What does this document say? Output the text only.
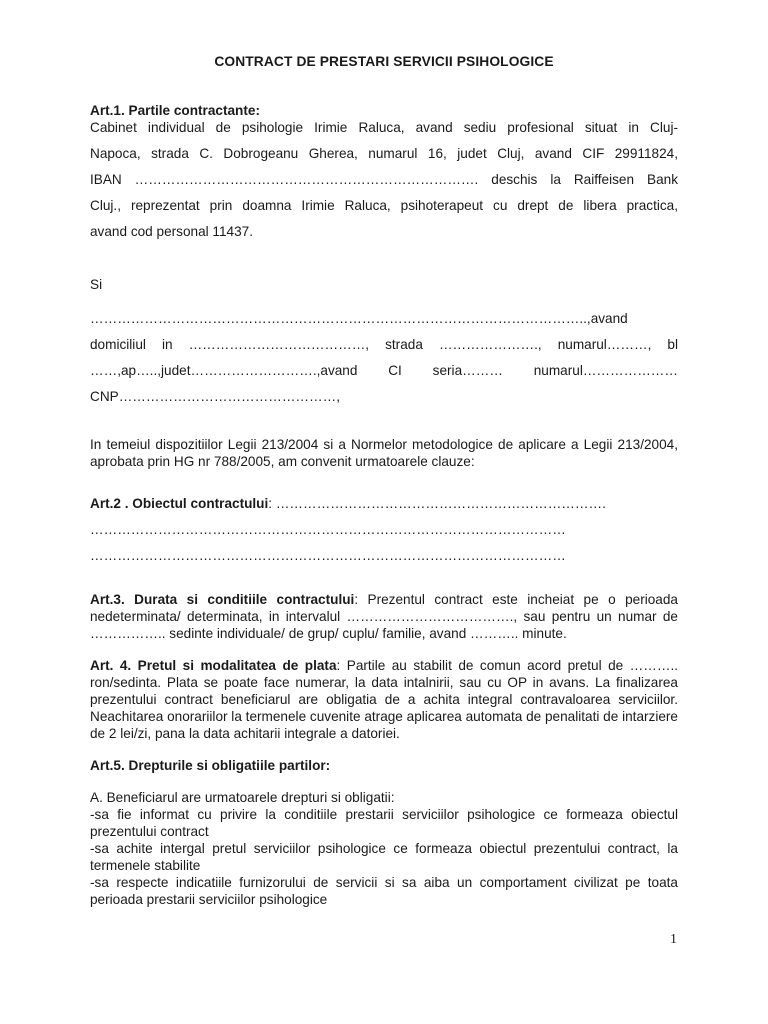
CONTRACT DE PRESTARI SERVICII PSIHOLOGICE

Art.1. Partile contractante:

Cabinet individual de psihologie Irimie Raluca, avand sediu profesional situat in Cluj-

Napoca, strada C. Dobrogeanu Gherea, numarul 16, judet Cluj, avand CIF 29911824,

IBAN …………………………………………………………………. deschis la Raiffeisen Bank

Cluj., reprezentat prin doamna Irimie Raluca, psihoterapeut cu drept de libera practica,

avand cod personal 11437.

Si

………………………………………………………………………………………………..,avand

domiciliul in …………………………………, strada …………………., numarul………, bl

……,ap…..,judet……………………….,avand CI seria……… numarul…………………

CNP…………………………………………,

In temeiul dispozitiilor Legii 213/2004 si a Normelor metodologice de aplicare a Legii 213/2004, aprobata prin HG nr 788/2005, am convenit urmatoarele clauze:

Art.2 . Obiectul contractului: ……………………………………………………………….

……………………………………………………………………………………………

……………………………………………………………………………………………

Art.3. Durata si conditiile contractului: Prezentul contract este incheiat pe o perioada nedeterminata/ determinata, in intervalul ………………………………., sau pentru un numar de …………….. sedinte individuale/ de grup/ cuplu/ familie, avand ……….. minute.

Art. 4. Pretul si modalitatea de plata: Partile au stabilit de comun acord pretul de ……….. ron/sedinta. Plata se poate face numerar, la data intalnirii, sau cu OP in avans. La finalizarea prezentului contract beneficiarul are obligatia de a achita integral contravaloarea serviciilor. Neachitarea onorariilor la termenele cuvenite atrage aplicarea automata de penalitati de intarziere de 2 lei/zi, pana la data achitarii integrale a datoriei.

Art.5. Drepturile si obligatiile partilor:

A. Beneficiarul are urmatoarele drepturi si obligatii:

-sa fie informat cu privire la conditiile prestarii serviciilor psihologice ce formeaza obiectul prezentului contract

-sa achite intergal pretul serviciilor psihologice ce formeaza obiectul prezentului contract, la termenele stabilite

-sa respecte indicatiile furnizorului de servicii si sa aiba un comportament civilizat pe toata perioada prestarii serviciilor psihologice

1
